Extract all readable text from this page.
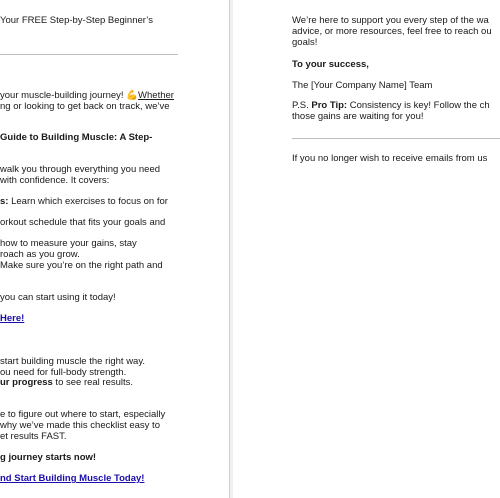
Your FREE Step-by-Step Beginner’s
your muscle-building journey! 💪Whether
ng or looking to get back on track, we’ve
Guide to Building Muscle: A Step-
walk you through everything you need
with confidence. It covers:
s: Learn which exercises to focus on for
orkout schedule that fits your goals and
how to measure your gains, stay
roach as you grow.
Make sure you’re on the right path and
you can start using it today!
Here!
start building muscle the right way.
ou need for full-body strength.
ur progress to see real results.
e to figure out where to start, especially
why we’ve made this checklist easy to
et results FAST.
g journey starts now!
nd Start Building Muscle Today!
We’re here to support you every step of the wa
advice, or more resources, feel free to reach ou
goals!
To your success,
The [Your Company Name] Team
P.S. Pro Tip: Consistency is key! Follow the ch
those gains are waiting for you!
If you no longer wish to receive emails from us
